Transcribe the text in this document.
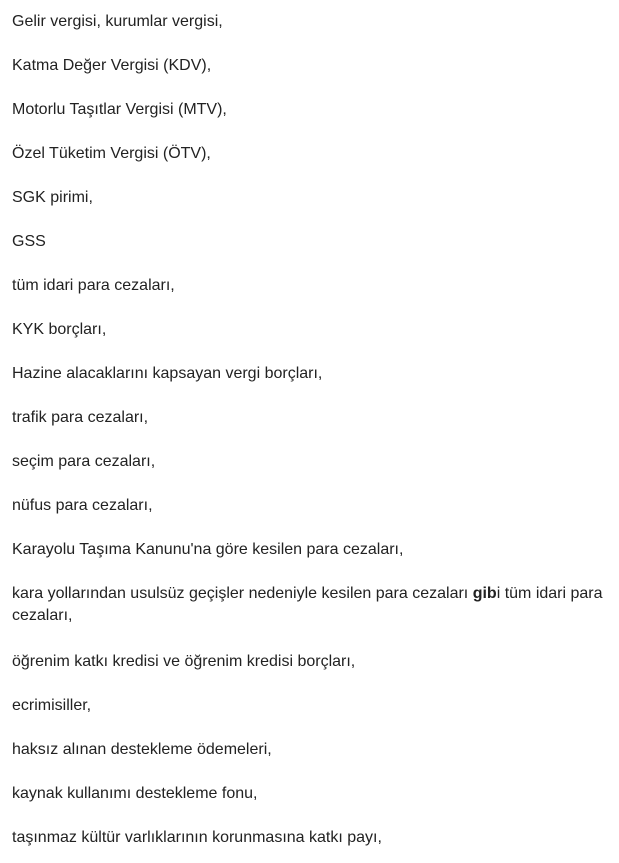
Gelir vergisi, kurumlar vergisi,

Katma Değer Vergisi (KDV),

Motorlu Taşıtlar Vergisi (MTV),

Özel Tüketim Vergisi (ÖTV),

SGK pirimi,

GSS

tüm idari para cezaları,

KYK borçları,

Hazine alacaklarını kapsayan vergi borçları,

trafik para cezaları,

seçim para cezaları,

nüfus para cezaları,

Karayolu Taşıma Kanunu'na göre kesilen para cezaları,

kara yollarından usulsüz geçişler nedeniyle kesilen para cezaları gibi tüm idari para cezaları,

öğrenim katkı kredisi ve öğrenim kredisi borçları,

ecrimisiller,

haksız alınan destekleme ödemeleri,

kaynak kullanımı destekleme fonu,

taşınmaz kültür varlıklarının korunmasına katkı payı,
